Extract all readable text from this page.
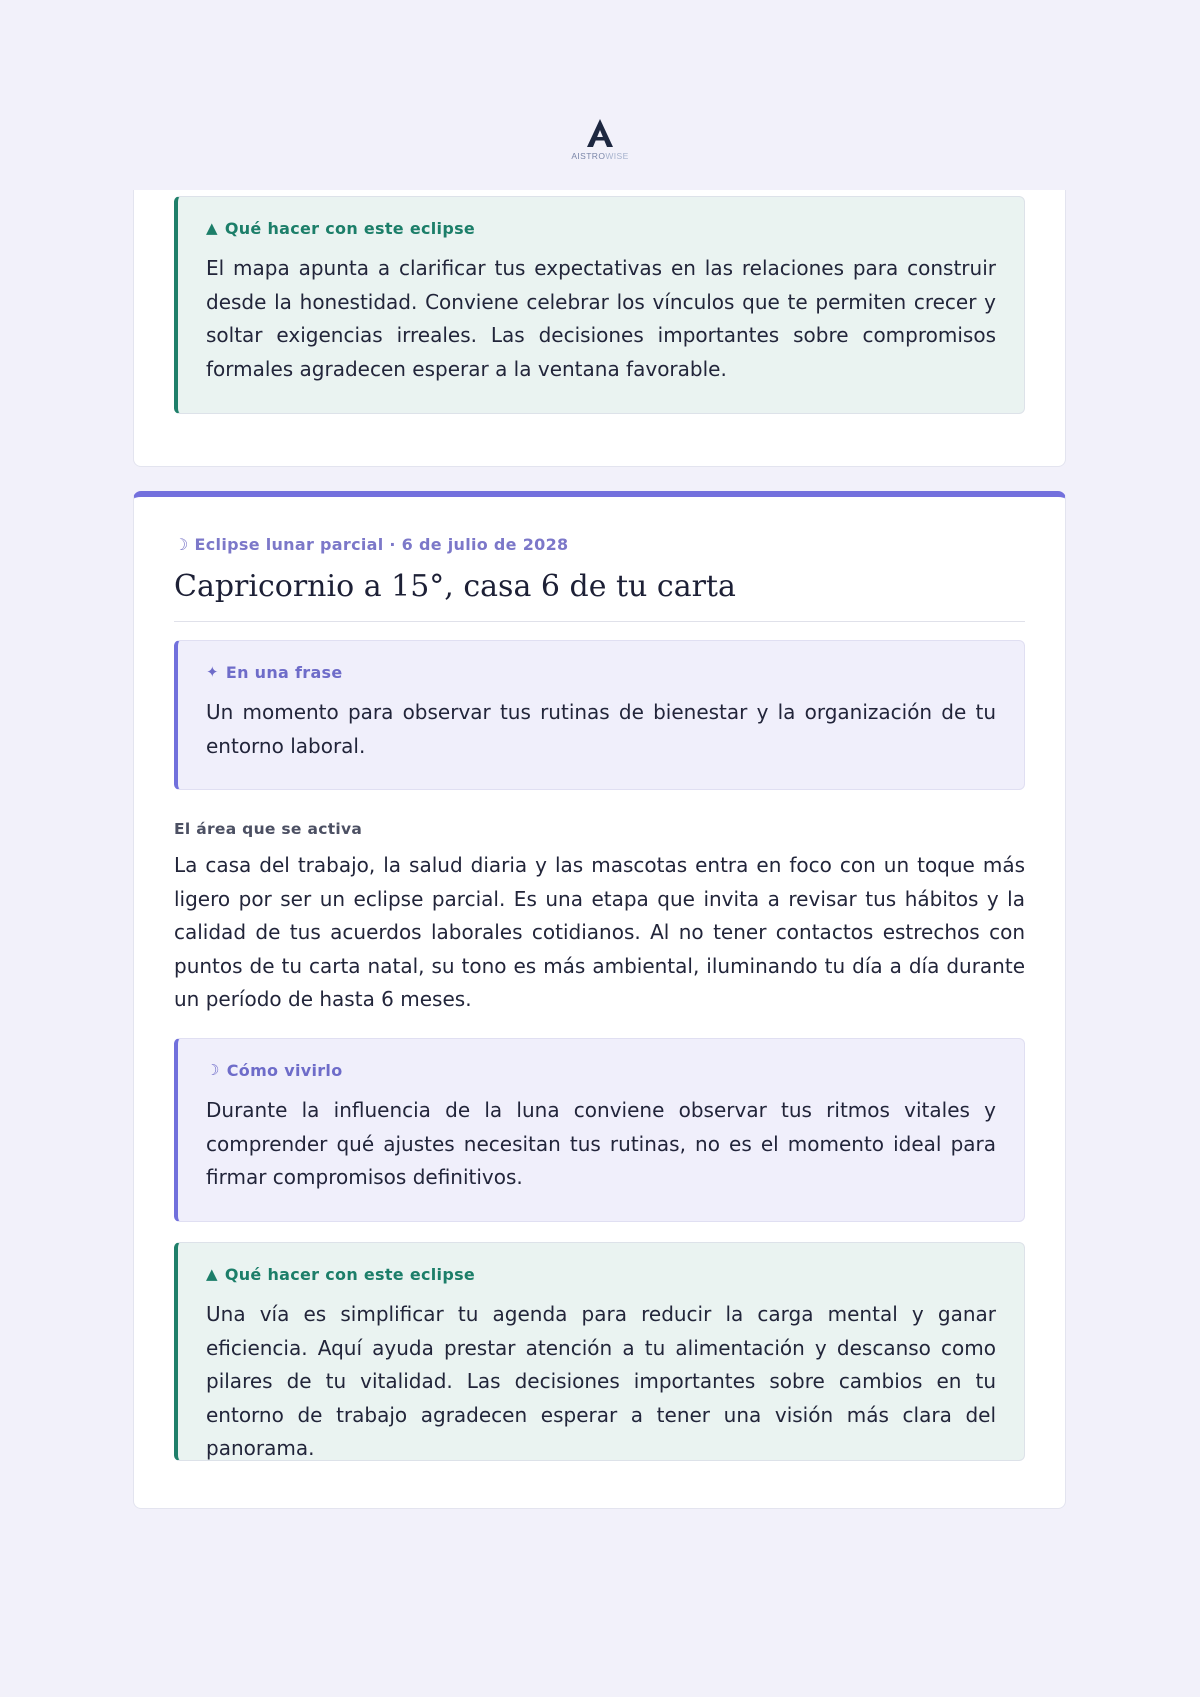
AISTROWISE
▲ Qué hacer con este eclipse
El mapa apunta a clarificar tus expectativas en las relaciones para construir desde la honestidad. Conviene celebrar los vínculos que te permiten crecer y soltar exigencias irreales. Las decisiones importantes sobre compromisos formales agradecen esperar a la ventana favorable.
☽ Eclipse lunar parcial · 6 de julio de 2028
Capricornio a 15°, casa 6 de tu carta
✦ En una frase
Un momento para observar tus rutinas de bienestar y la organización de tu entorno laboral.
El área que se activa
La casa del trabajo, la salud diaria y las mascotas entra en foco con un toque más ligero por ser un eclipse parcial. Es una etapa que invita a revisar tus hábitos y la calidad de tus acuerdos laborales cotidianos. Al no tener contactos estrechos con puntos de tu carta natal, su tono es más ambiental, iluminando tu día a día durante un período de hasta 6 meses.
☽ Cómo vivirlo
Durante la influencia de la luna conviene observar tus ritmos vitales y comprender qué ajustes necesitan tus rutinas, no es el momento ideal para firmar compromisos definitivos.
▲ Qué hacer con este eclipse
Una vía es simplificar tu agenda para reducir la carga mental y ganar eficiencia. Aquí ayuda prestar atención a tu alimentación y descanso como pilares de tu vitalidad. Las decisiones importantes sobre cambios en tu entorno de trabajo agradecen esperar a tener una visión más clara del panorama.
